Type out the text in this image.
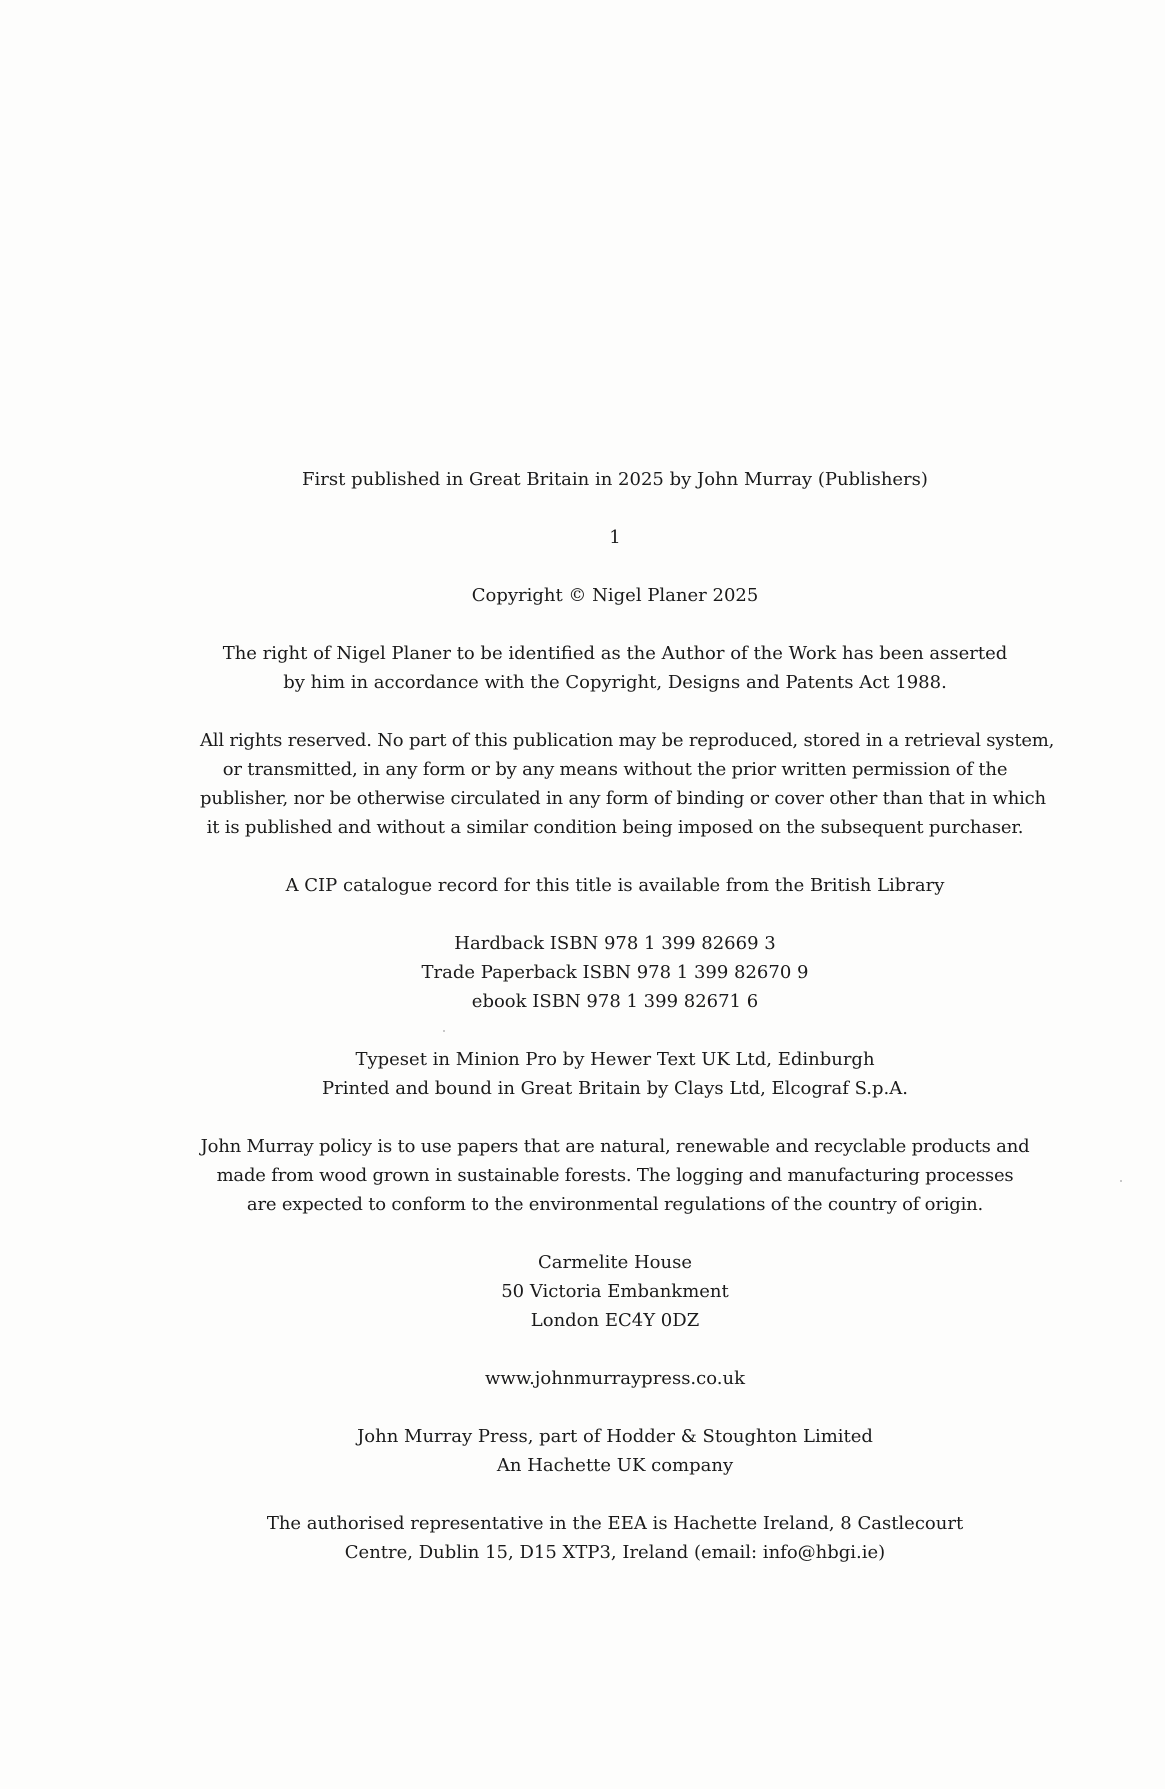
First published in Great Britain in 2025 by John Murray (Publishers)
1
Copyright © Nigel Planer 2025
The right of Nigel Planer to be identified as the Author of the Work has been asserted
by him in accordance with the Copyright, Designs and Patents Act 1988.
All rights reserved. No part of this publication may be reproduced, stored in a retrieval system,
or transmitted, in any form or by any means without the prior written permission of the
publisher, nor be otherwise circulated in any form of binding or cover other than that in which
it is published and without a similar condition being imposed on the subsequent purchaser.
A CIP catalogue record for this title is available from the British Library
Hardback ISBN 978 1 399 82669 3
Trade Paperback ISBN 978 1 399 82670 9
ebook ISBN 978 1 399 82671 6
Typeset in Minion Pro by Hewer Text UK Ltd, Edinburgh
Printed and bound in Great Britain by Clays Ltd, Elcograf S.p.A.
John Murray policy is to use papers that are natural, renewable and recyclable products and
made from wood grown in sustainable forests. The logging and manufacturing processes
are expected to conform to the environmental regulations of the country of origin.
Carmelite House
50 Victoria Embankment
London EC4Y 0DZ
www.johnmurraypress.co.uk
John Murray Press, part of Hodder & Stoughton Limited
An Hachette UK company
The authorised representative in the EEA is Hachette Ireland, 8 Castlecourt
Centre, Dublin 15, D15 XTP3, Ireland (email: info@hbgi.ie)
